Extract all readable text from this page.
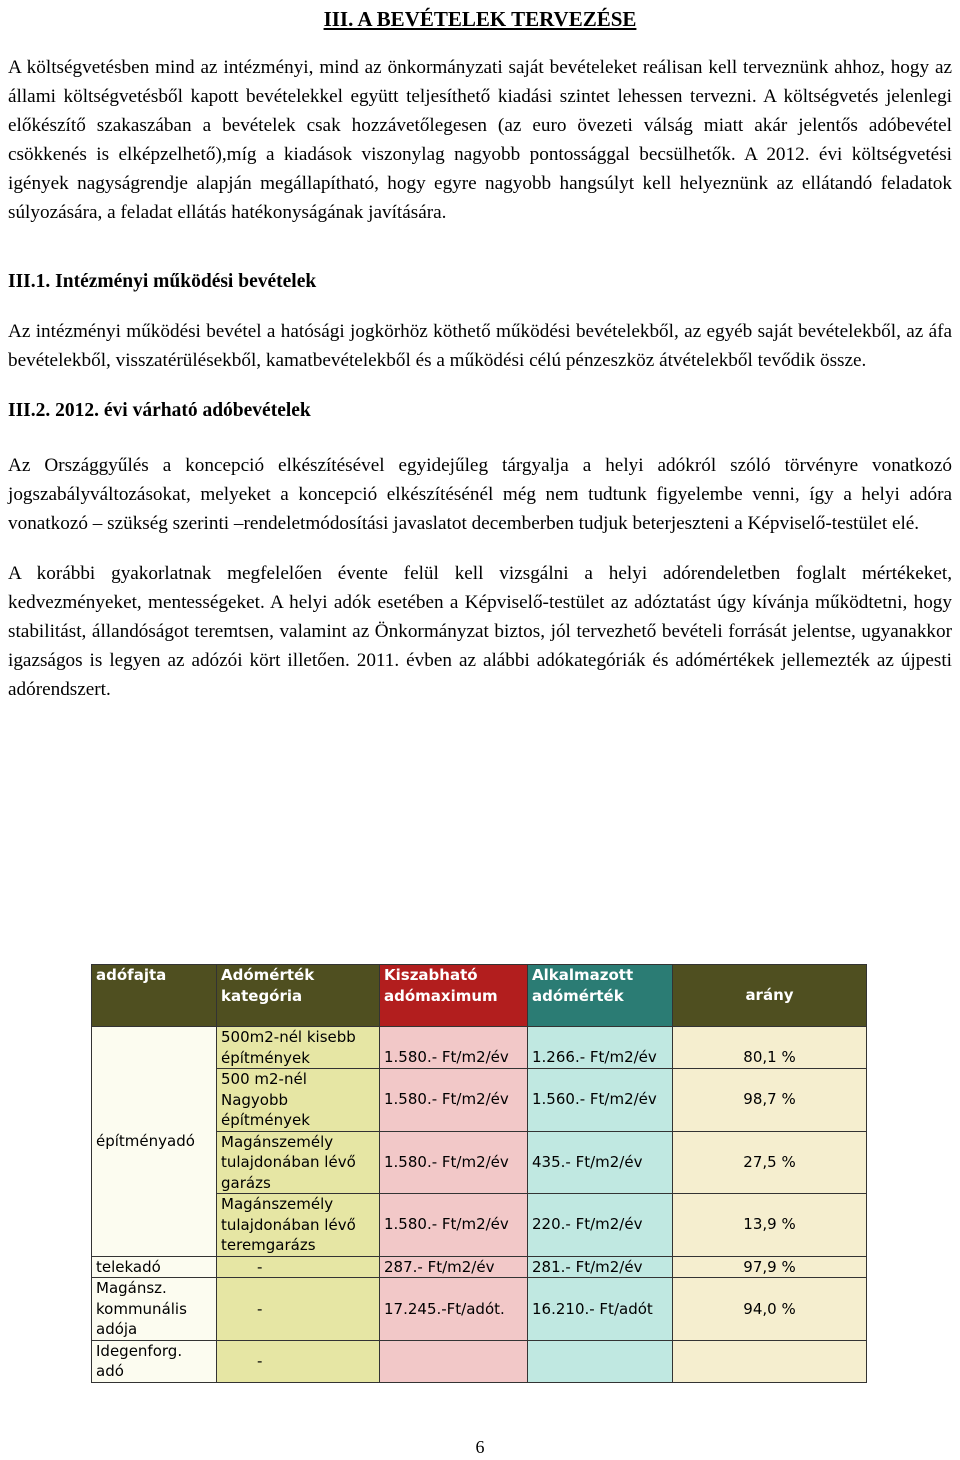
III. A BEVÉTELEK TERVEZÉSE

A költségvetésben mind az intézményi, mind az önkormányzati saját bevételeket reálisan kell terveznünk ahhoz, hogy az állami költségvetésből kapott bevételekkel együtt teljesíthető kiadási szintet lehessen tervezni. A költségvetés jelenlegi előkészítő szakaszában a bevételek csak hozzávetőlegesen (az euro övezeti válság miatt akár jelentős adóbevétel csökkenés is elképzelhető),míg a kiadások viszonylag nagyobb pontossággal becsülhetők. A 2012. évi költségvetési igények nagyságrendje alapján megállapítható, hogy egyre nagyobb hangsúlyt kell helyeznünk az ellátandó feladatok súlyozására, a feladat ellátás hatékonyságának javítására.

III.1. Intézményi működési bevételek

Az intézményi működési bevétel a hatósági jogkörhöz köthető működési bevételekből, az egyéb saját bevételekből, az áfa bevételekből, visszatérülésekből, kamatbevételekből és a működési célú pénzeszköz átvételekből tevődik össze.

III.2. 2012. évi várható adóbevételek

Az Országgyűlés a koncepció elkészítésével egyidejűleg tárgyalja a helyi adókról szóló törvényre vonatkozó jogszabályváltozásokat, melyeket a koncepció elkészítésénél még nem tudtunk figyelembe venni, így a helyi adóra vonatkozó – szükség szerinti –rendeletmódosítási javaslatot decemberben tudjuk beterjeszteni a Képviselő-testület elé.

A korábbi gyakorlatnak megfelelően évente felül kell vizsgálni a helyi adórendeletben foglalt mértékeket, kedvezményeket, mentességeket. A helyi adók esetében a Képviselő-testület az adóztatást úgy kívánja működtetni, hogy stabilitást, állandóságot teremtsen, valamint az Önkormányzat biztos, jól tervezhető bevételi forrását jelentse, ugyanakkor igazságos is legyen az adózói kört illetően. 2011. évben az alábbi adókategóriák és adómértékek jellemezték az újpesti adórendszert.

adófajta	Adómérték kategória	Kiszabható adómaximum	Alkalmazott adómérték	arány
építményadó	500m2-nél kisebb építmények	1.580.- Ft/m2/év	1.266.- Ft/m2/év	80,1 %
	500 m2-nél Nagyobb építmények	1.580.- Ft/m2/év	1.560.- Ft/m2/év	98,7 %
	Magánszemély tulajdonában lévő garázs	1.580.- Ft/m2/év	435.- Ft/m2/év	27,5 %
	Magánszemély tulajdonában lévő teremgarázs	1.580.- Ft/m2/év	220.- Ft/m2/év	13,9 %
telekadó	-	287.- Ft/m2/év	281.- Ft/m2/év	97,9 %
Magánsz. kommunális adója	-	17.245.-Ft/adót.	16.210.- Ft/adót	94,0 %
Idegenforg. adó	-			
6
